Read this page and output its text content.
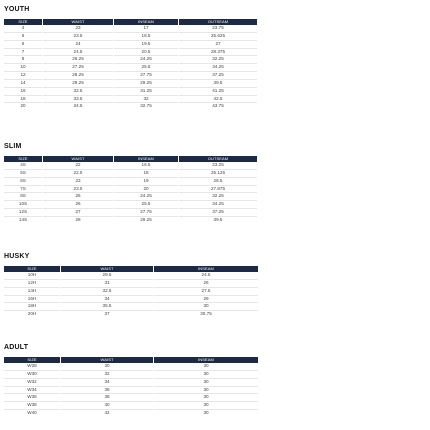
YOUTH
SIZE	WAIST	INSEAM	OUTSEAM
4	23	17	23.75
5	23.5	18.5	25.625
6	24	19.5	27
7	24.5	20.5	28.375
8	26.25	24.25	32.25
10	27.25	25.5	34.25
12	28.25	27.75	37.25
14	29.25	29.25	39.5
16	32.5	31.25	41.25
18	33.5	32	42.5
20	34.5	32.75	43.75
SLIM
SIZE	WAIST	INSEAM	OUTSEAM
4S	22	16.5	23.25
5S	22.5	18	25.125
6S	23	19	26.5
7S	23.5	20	27.875
8S	25	24.25	32.25
10S	26	25.5	34.25
12S	27	27.75	37.25
14S	28	29.25	39.5
HUSKY
SIZE	WAIST	INSEAM
10H	29.5	24.5
12H	31	26
14H	32.5	27.5
16H	34	29
18H	35.5	30
20H	37	30.75
ADULT
SIZE	WAIST	INSEAM
W28	30	30
W30	32	30
W32	34	30
W34	36	30
W36	38	30
W38	40	30
W40	42	30
